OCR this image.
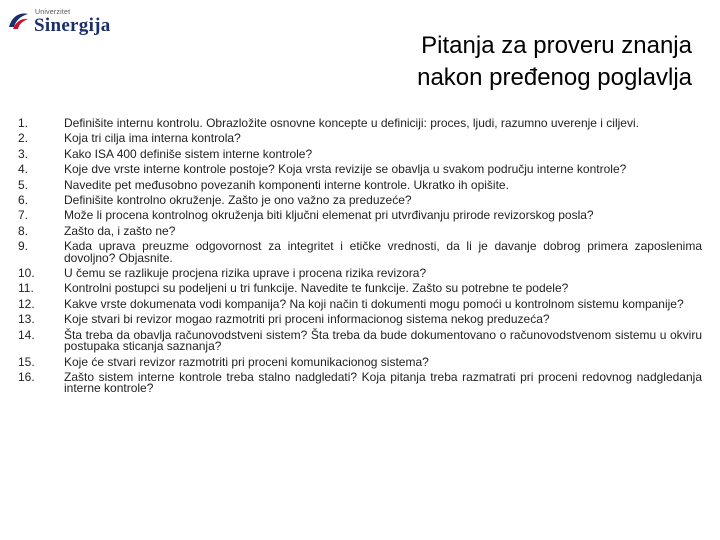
Univerzitet
Sinergija
Pitanja za proveru znanja
nakon pređenog poglavlja
1.	Definišite internu kontrolu. Obrazložite osnovne koncepte u definiciji: proces, ljudi, razumno uverenje i ciljevi.
2.	Koja tri cilja ima interna kontrola?
3.	Kako ISA 400 definiše sistem interne kontrole?
4.	Koje dve vrste interne kontrole postoje? Koja vrsta revizije se obavlja u svakom području interne kontrole?
5.	Navedite pet međusobno povezanih komponenti interne kontrole. Ukratko ih opišite.
6.	Definišite kontrolno okruženje. Zašto je ono važno za preduzeće?
7.	Može li procena kontrolnog okruženja biti ključni elemenat pri utvrđivanju prirode revizorskog posla?
8.	Zašto da, i zašto ne?
9.	Kada uprava preuzme odgovornost za integritet i etičke vrednosti, da li je davanje dobrog primera zaposlenima dovoljno? Objasnite.
10.	U čemu se razlikuje procjena rizika uprave i procena rizika revizora?
11.	Kontrolni postupci su podeljeni u tri funkcije. Navedite te funkcije. Zašto su potrebne te podele?
12.	Kakve vrste dokumenata vodi kompanija? Na koji način ti dokumenti mogu pomoći u kontrolnom sistemu kompanije?
13.	Koje stvari bi revizor mogao razmotriti pri proceni informacionog sistema nekog preduzeća?
14.	Šta treba da obavlja računovodstveni sistem? Šta treba da bude dokumentovano o računovodstvenom sistemu u okviru postupaka sticanja saznanja?
15.	Koje će stvari revizor razmotriti pri proceni komunikacionog sistema?
16.	Zašto sistem interne kontrole treba stalno nadgledati? Koja pitanja treba razmatrati pri proceni redovnog nadgledanja interne kontrole?
